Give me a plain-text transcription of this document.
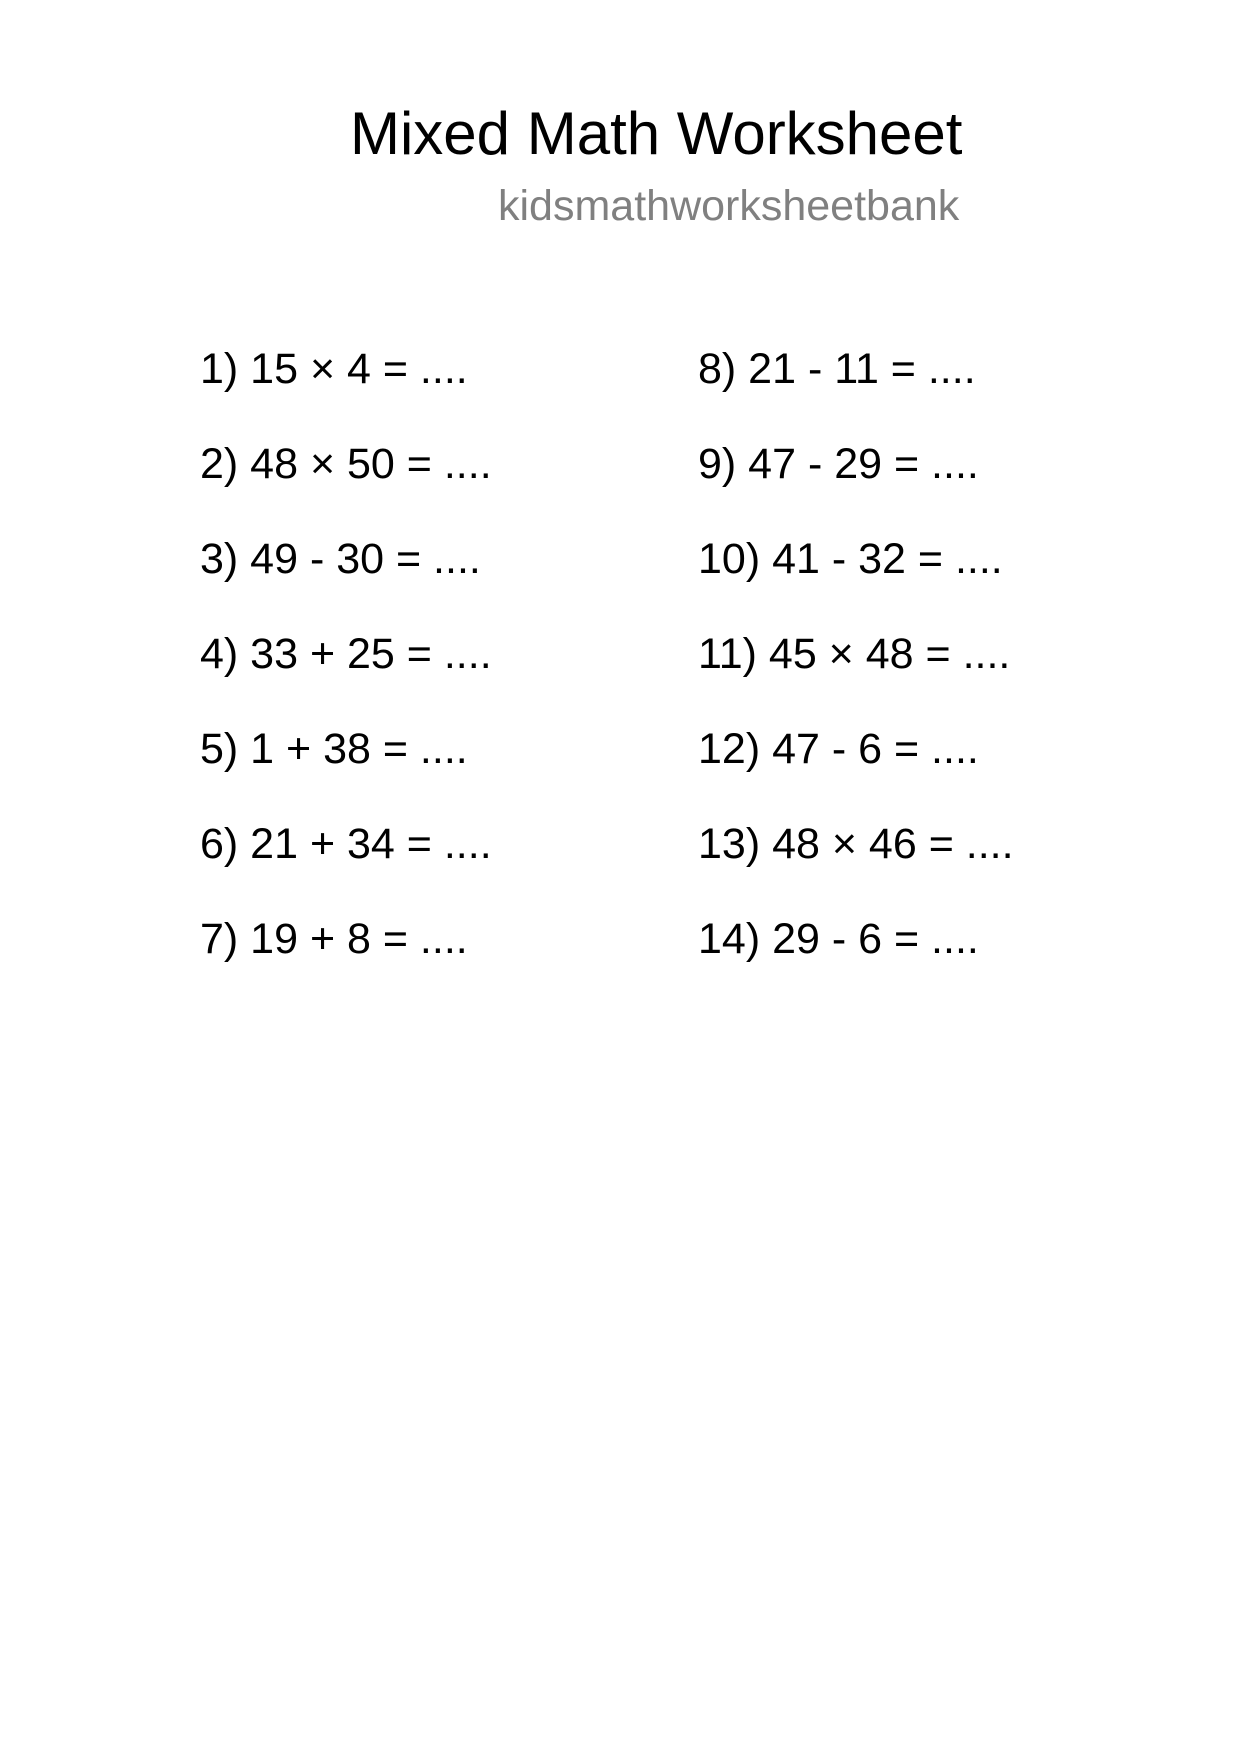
Mixed Math Worksheet
kidsmathworksheetbank
1) 15 × 4 = ....
2) 48 × 50 = ....
3) 49 - 30 = ....
4) 33 + 25 = ....
5) 1 + 38 = ....
6) 21 + 34 = ....
7) 19 + 8 = ....
8) 21 - 11 = ....
9) 47 - 29 = ....
10) 41 - 32 = ....
11) 45 × 48 = ....
12) 47 - 6 = ....
13) 48 × 46 = ....
14) 29 - 6 = ....
